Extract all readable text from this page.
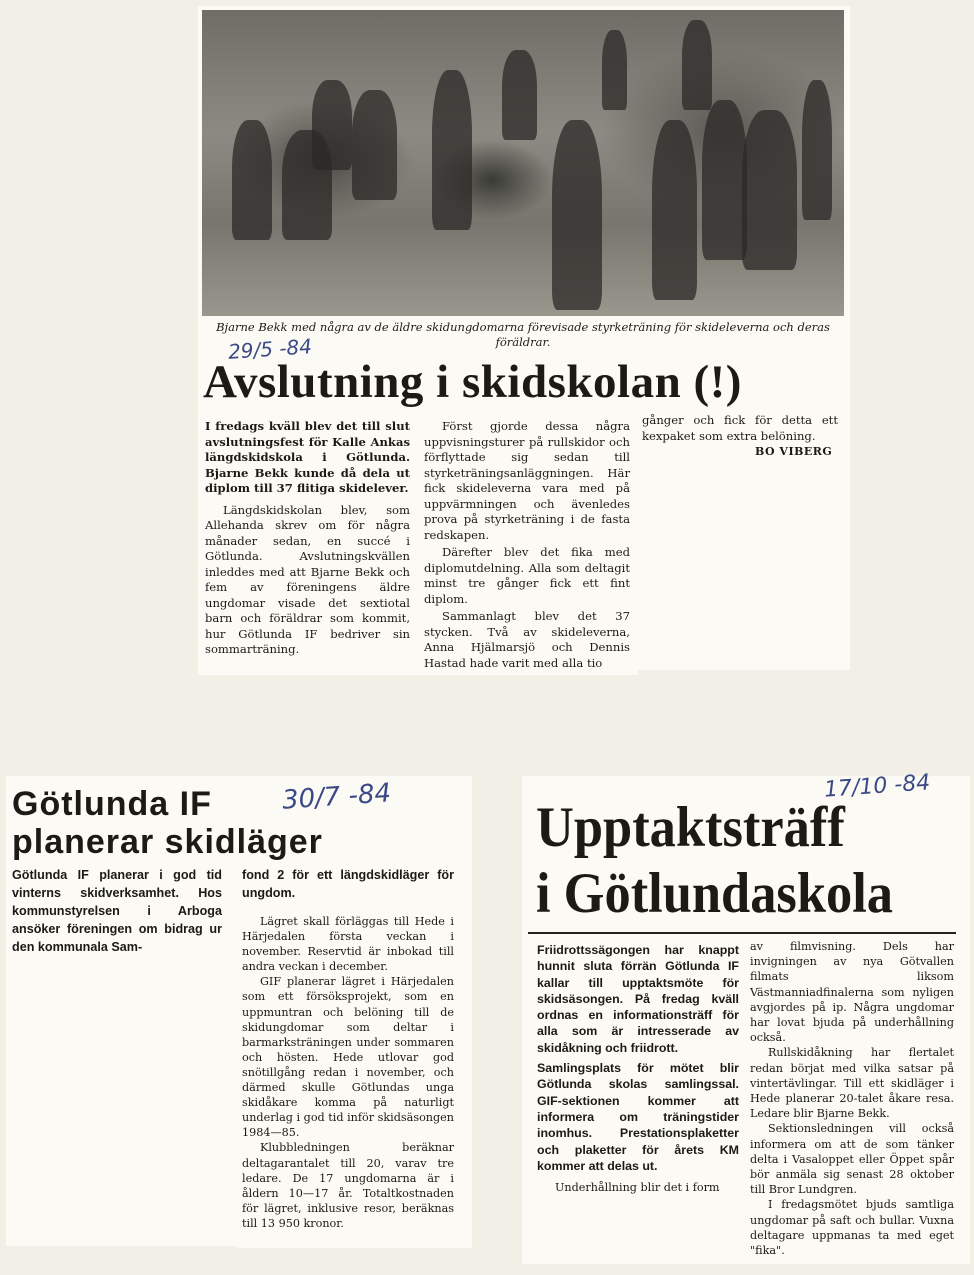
Bjarne Bekk med några av de äldre skidungdomarna förevisade styrketräning för skideleverna och deras föräldrar.
29/5 -84
Avslutning i skidskolan (!)

I fredags kväll blev det till slut avslutningsfest för Kalle Ankas längdskidskola i Götlunda. Bjarne Bekk kunde då dela ut diplom till 37 flitiga skidelever.

Längdskidskolan blev, som Allehanda skrev om för några månader sedan, en succé i Götlunda. Avslutningskvällen inleddes med att Bjarne Bekk och fem av föreningens äldre ungdomar visade det sextiotal barn och föräldrar som kommit, hur Götlunda IF bedriver sin sommarträning.

Först gjorde dessa några uppvisningsturer på rullskidor och förflyttade sig sedan till styrketräningsanläggningen. Här fick skideleverna vara med på uppvärmningen och ävenledes prova på styrketräning i de fasta redskapen.

Därefter blev det fika med diplomutdelning. Alla som deltagit minst tre gånger fick ett fint diplom.

Sammanlagt blev det 37 stycken. Två av skideleverna, Anna Hjälmarsjö och Dennis Hastad hade varit med alla tio

gånger och fick för detta ett kexpaket som extra belöning.

BO VIBERG
Götlunda IF
planerar skidläger
30/7 -84

Götlunda IF planerar i god tid vinterns skidverksamhet. Hos kommunstyrelsen i Arboga ansöker föreningen om bidrag ur den kommunala Sam-

fond 2 för ett längdskidläger för ungdom.

Lägret skall förläggas till Hede i Härjedalen första veckan i november. Reservtid är inbokad till andra veckan i december.

GIF planerar lägret i Härjedalen som ett försöksprojekt, som en uppmuntran och belöning till de skidungdomar som deltar i barmarksträningen under sommaren och hösten. Hede utlovar god snötillgång redan i november, och därmed skulle Götlundas unga skidåkare komma på naturligt underlag i god tid inför skidsäsongen 1984—85.

Klubbledningen beräknar deltagarantalet till 20, varav tre ledare. De 17 ungdomarna är i åldern 10—17 år. Totaltkostnaden för lägret, inklusive resor, beräknas till 13 950 kronor.

17/10 -84
Upptaktsträff
i Götlundaskola

Friidrottssägongen har knappt hunnit sluta förrän Götlunda IF kallar till upptaktsmöte för skidsäsongen. På fredag kväll ordnas en informationsträff för alla som är intresserade av skidåkning och friidrott.

Samlingsplats för mötet blir Götlunda skolas samlingssal. GIF-sektionen kommer att informera om träningstider inomhus. Prestationsplaketter och plaketter för årets KM kommer att delas ut.

Underhållning blir det i form

av filmvisning. Dels har invigningen av nya Götvallen filmats liksom Västmanniadfinalerna som nyligen avgjordes på ip. Några ungdomar har lovat bjuda på underhållning också.

Rullskidåkning har flertalet redan börjat med vilka satsar på vintertävlingar. Till ett skidläger i Hede planerar 20-talet åkare resa. Ledare blir Bjarne Bekk.

Sektionsledningen vill också informera om att de som tänker delta i Vasaloppet eller Öppet spår bör anmäla sig senast 28 oktober till Bror Lundgren.

I fredagsmötet bjuds samtliga ungdomar på saft och bullar. Vuxna deltagare uppmanas ta med eget "fika".
